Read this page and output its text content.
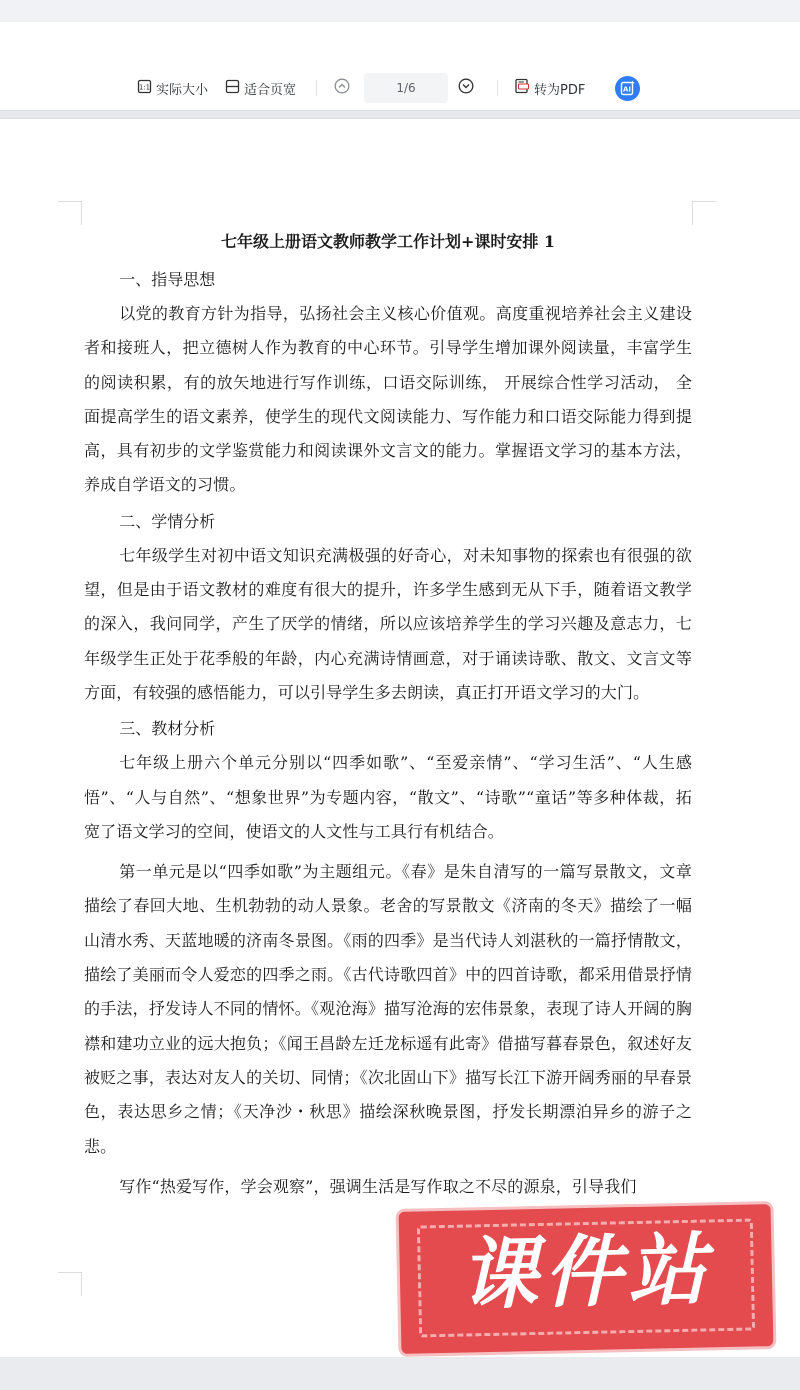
1:1 实际大小	适合页宽	1/6	转为PDF	AI
七年级上册语文教师教学工作计划+课时安排 1
一、指导思想

以党的教育方针为指导，弘扬社会主义核心价值观。高度重视培养社会主义建设者和接班人，把立德树人作为教育的中心环节。引导学生增加课外阅读量，丰富学生的阅读积累，有的放矢地进行写作训练，口语交际训练， 开展综合性学习活动， 全面提高学生的语文素养，使学生的现代文阅读能力、写作能力和口语交际能力得到提高，具有初步的文学鉴赏能力和阅读课外文言文的能力。掌握语文学习的基本方法，养成自学语文的习惯。

二、学情分析

七年级学生对初中语文知识充满极强的好奇心，对未知事物的探索也有很强的欲望，但是由于语文教材的难度有很大的提升，许多学生感到无从下手，随着语文教学的深入，我问同学，产生了厌学的情绪，所以应该培养学生的学习兴趣及意志力，七年级学生正处于花季般的年龄，内心充满诗情画意，对于诵读诗歌、散文、文言文等方面，有较强的感悟能力，可以引导学生多去朗读，真正打开语文学习的大门。

三、教材分析

七年级上册六个单元分别以“四季如歌”、“至爱亲情”、“学习生活”、“人生感悟”、“人与自然”、“想象世界”为专题内容，“散文”、“诗歌”“童话”等多种体裁，拓宽了语文学习的空间，使语文的人文性与工具行有机结合。

第一单元是以“四季如歌”为主题组元。《春》是朱自清写的一篇写景散文，文章描绘了春回大地、生机勃勃的动人景象。老舍的写景散文《济南的冬天》描绘了一幅山清水秀、天蓝地暖的济南冬景图。《雨的四季》是当代诗人刘湛秋的一篇抒情散文，描绘了美丽而令人爱恋的四季之雨。《古代诗歌四首》中的四首诗歌，都采用借景抒情的手法，抒发诗人不同的情怀。《观沧海》描写沧海的宏伟景象，表现了诗人开阔的胸襟和建功立业的远大抱负；《闻王昌龄左迁龙标遥有此寄》借描写暮春景色，叙述好友被贬之事，表达对友人的关切、同情；《次北固山下》描写长江下游开阔秀丽的早春景色，表达思乡之情；《天净沙・秋思》描绘深秋晚景图，抒发长期漂泊异乡的游子之悲。

写作“热爱写作，学会观察”，强调生活是写作取之不尽的源泉，引导我们

课件站
